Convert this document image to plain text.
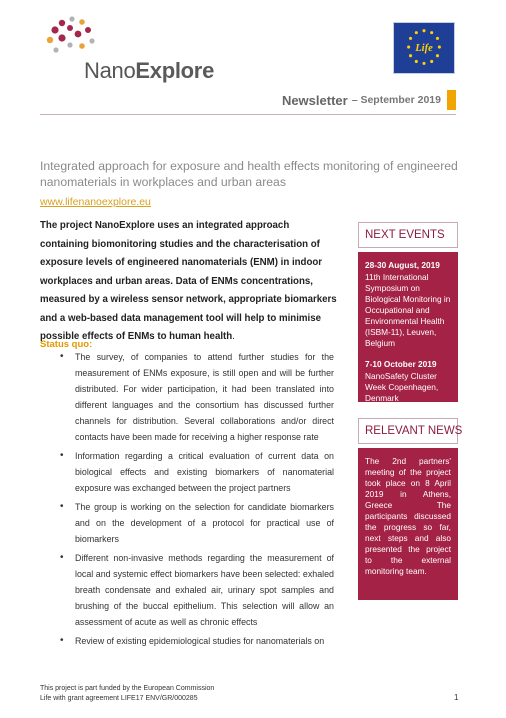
NanoExplore
Life
Newsletter – September 2019
Integrated approach for exposure and health effects monitoring of engineered nanomaterials in workplaces and urban areas
www.lifenanoexplore.eu

The project NanoExplore uses an integrated approach containing biomonitoring studies and the characterisation of exposure levels of engineered nanomaterials (ENM) in indoor workplaces and urban areas. Data of ENMs concentrations, measured by a wireless sensor network, appropriate biomarkers and a web-based data management tool will help to minimise possible effects of ENMs to human health.

Status quo:
• The survey, of companies to attend further studies for the measurement of ENMs exposure, is still open and will be further distributed. For wider participation, it had been translated into different languages and the consortium has discussed further channels for distribution. Several collaborations and/or direct contacts have been made for receiving a higher response rate
• Information regarding a critical evaluation of current data on biological effects and existing biomarkers of nanomaterial exposure was exchanged between the project partners
• The group is working on the selection for candidate biomarkers and on the development of a protocol for practical use of biomarkers
• Different non-invasive methods regarding the measurement of local and systemic effect biomarkers have been selected: exhaled breath condensate and exhaled air, urinary spot samples and brushing of the buccal epithelium. This selection will allow an assessment of acute as well as chronic effects
• Review of existing epidemiological studies for nanomaterials on
NEXT EVENTS
28-30 August, 2019
11th International Symposium on Biological Monitoring in Occupational and Environmental Health (ISBM-11), Leuven, Belgium
7-10 October 2019
NanoSafety Cluster Week Copenhagen, Denmark
RELEVANT NEWS
The 2nd partners' meeting of the project took place on 8 April 2019 in Athens, Greece The participants discussed the progress so far, next steps and also presented the project to the external monitoring team.
This project is part funded by the European Commission
Life with grant agreement LIFE17 ENV/GR/000285	1
